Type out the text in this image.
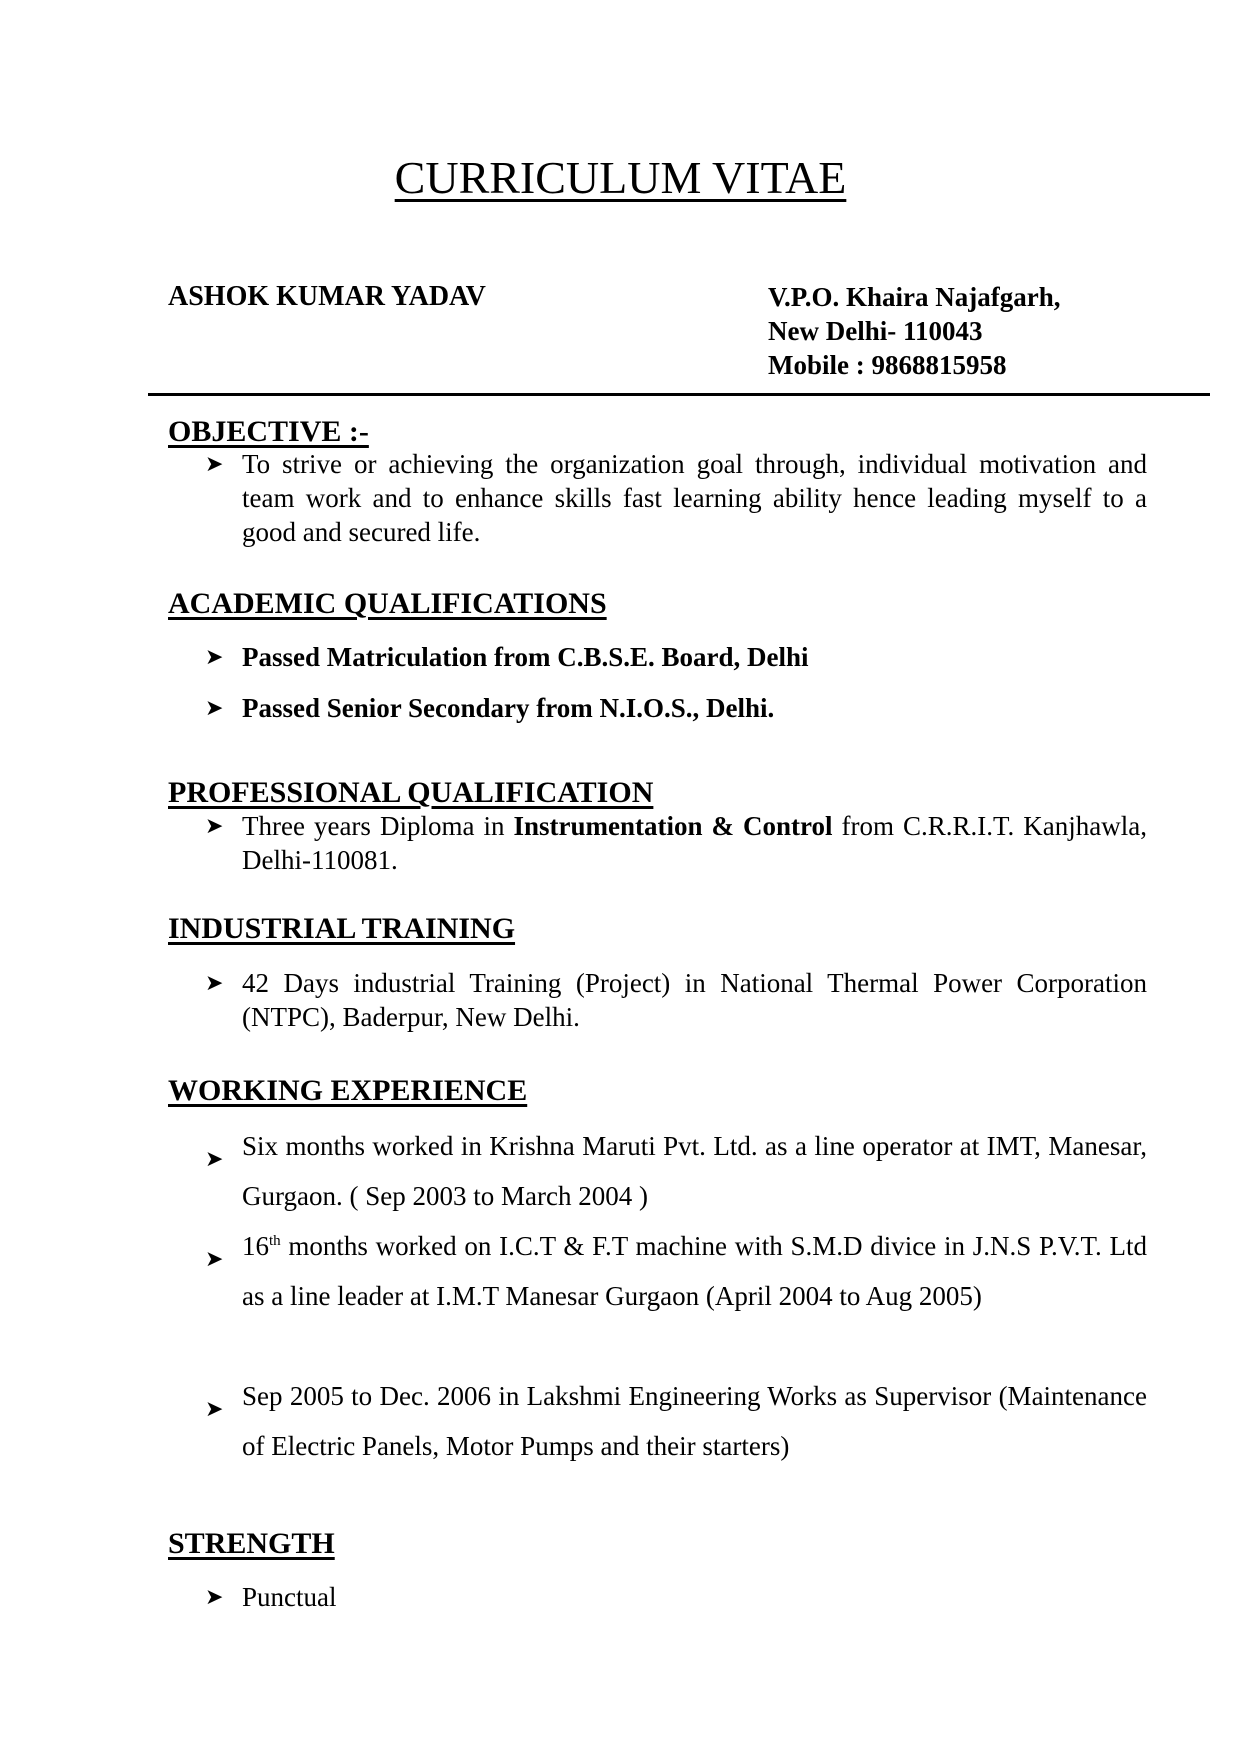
CURRICULUM VITAE
ASHOK KUMAR YADAV	V.P.O. Khaira Najafgarh,
New Delhi- 110043
Mobile : 9868815958
OBJECTIVE :-
➤ To strive or achieving the organization goal through, individual motivation and team work and to enhance skills fast learning ability hence leading myself to a good and secured life.
ACADEMIC QUALIFICATIONS
➤ Passed Matriculation from C.B.S.E. Board, Delhi
➤ Passed Senior Secondary from N.I.O.S., Delhi.
PROFESSIONAL QUALIFICATION
➤ Three years Diploma in Instrumentation & Control from C.R.R.I.T. Kanjhawla, Delhi-110081.
INDUSTRIAL TRAINING
➤ 42 Days industrial Training (Project) in National Thermal Power Corporation (NTPC), Baderpur, New Delhi.
WORKING EXPERIENCE
➤ Six months worked in Krishna Maruti Pvt. Ltd. as a line operator at IMT, Manesar, Gurgaon. ( Sep 2003 to March 2004 )
➤ 16th months worked on I.C.T & F.T machine with S.M.D divice in J.N.S P.V.T. Ltd as a line leader at I.M.T Manesar Gurgaon (April 2004 to Aug 2005)
➤ Sep 2005 to Dec. 2006 in Lakshmi Engineering Works as Supervisor (Maintenance of Electric Panels, Motor Pumps and their starters)
STRENGTH
➤ Punctual
